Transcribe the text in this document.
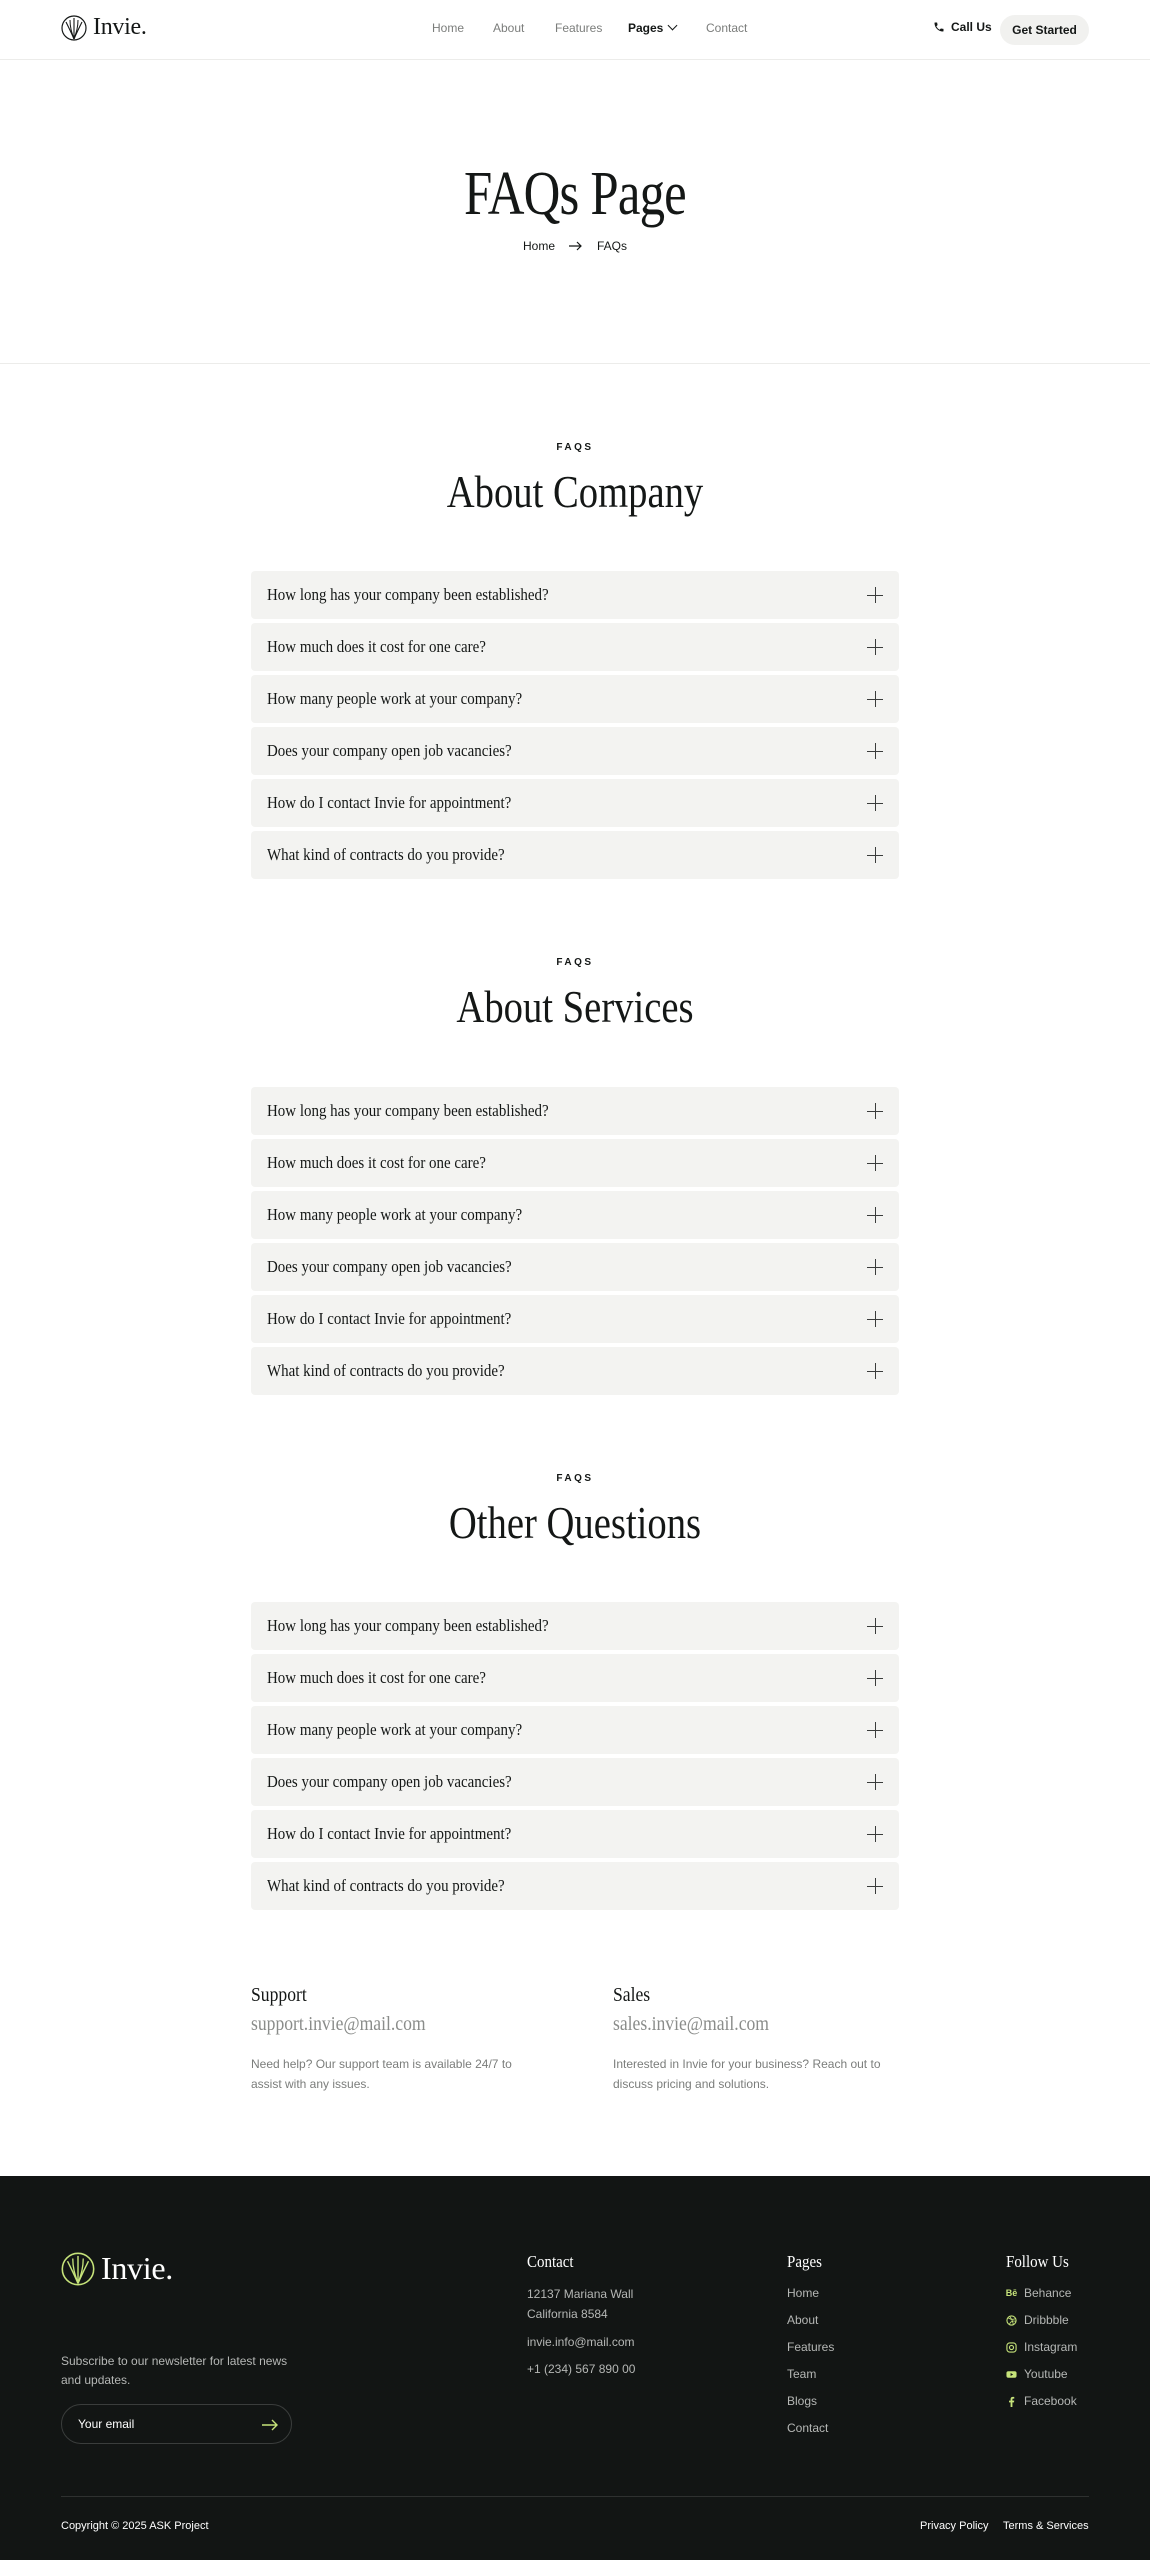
Invie.	Home About	Features Pages	Contact	Call Us	Get Started
FAQs Page
Home	FAQs
FAQS
About Company
How long has your company been established?
How much does it cost for one care?
How many people work at your company?
Does your company open job vacancies?
How do I contact Invie for appointment?
What kind of contracts do you provide?
FAQS
About Services
How long has your company been established?
How much does it cost for one care?
How many people work at your company?
Does your company open job vacancies?
How do I contact Invie for appointment?
What kind of contracts do you provide?
FAQS
Other Questions
How long has your company been established?
How much does it cost for one care?
How many people work at your company?
Does your company open job vacancies?
How do I contact Invie for appointment?
What kind of contracts do you provide?
Support
support.invie@mail.com
Need help? Our support team is available 24/7 to assist with any issues.
Sales
sales.invie@mail.com
Interested in Invie for your business? Reach out to discuss pricing and solutions.
Invie.
Subscribe to our newsletter for latest news and updates.
Your email
Contact
12137 Mariana Wall
California 8584
invie.info@mail.com
+1 (234) 567 890 00
Pages
Home
About
Features
Team
Blogs
Contact
Follow Us
Bē Behance
Dribbble
Instagram
Youtube
Facebook
Copyright © 2025 ASK Project	Privacy Policy Terms & Services
